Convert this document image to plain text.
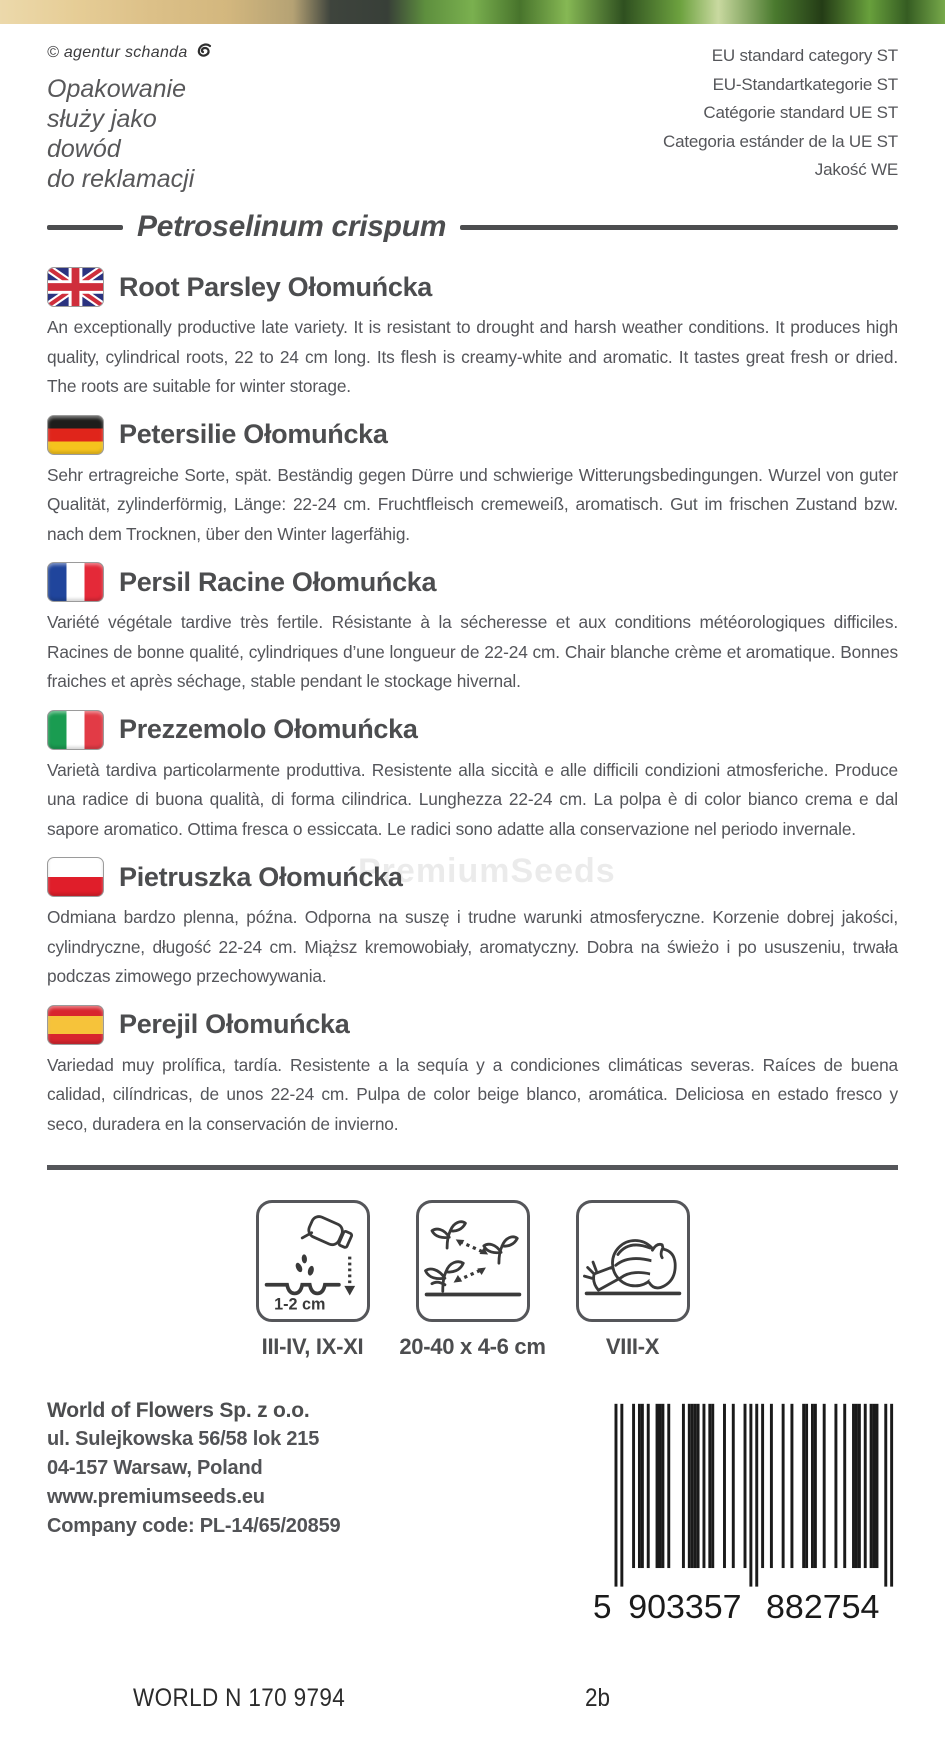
© agentur schanda
Opakowanie
służy jako
dowód
do reklamacji
EU standard category ST
EU-Standartkategorie ST
Catégorie standard UE ST
Categoria estánder de la UE ST
Jakość WE
Petroselinum crispum
Root Parsley Ołomuńcka

An exceptionally productive late variety. It is resistant to drought and harsh weather conditions. It produces high quality, cylindrical roots, 22 to 24 cm long. Its flesh is creamy-white and aromatic. It tastes great fresh or dried. The roots are suitable for winter storage.

Petersilie Ołomuńcka

Sehr ertragreiche Sorte, spät. Beständig gegen Dürre und schwierige Witterungsbedingungen. Wurzel von guter Qualität, zylinderförmig, Länge: 22-24 cm. Fruchtfleisch cremeweiß, aromatisch. Gut im frischen Zustand bzw. nach dem Trocknen, über den Winter lagerfähig.

Persil Racine Ołomuńcka

Variété végétale tardive très fertile. Résistante à la sécheresse et aux conditions météorologiques difficiles. Racines de bonne qualité, cylindriques d’une longueur de 22-24 cm. Chair blanche crème et aromatique. Bonnes fraiches et après séchage, stable pendant le stockage hivernal.

Prezzemolo Ołomuńcka

Varietà tardiva particolarmente produttiva. Resistente alla siccità e alle difficili condizioni atmosferiche. Produce una radice di buona qualità, di forma cilindrica. Lunghezza 22-24 cm. La polpa è di color bianco crema e dal sapore aromatico. Ottima fresca o essiccata. Le radici sono adatte alla conservazione nel periodo invernale.

Pietruszka Ołomuńcka

Odmiana bardzo plenna, późna. Odporna na suszę i trudne warunki atmosferyczne. Korzenie dobrej jakości, cylindryczne, długość 22-24 cm. Miąższ kremowobiały, aromatyczny. Dobra na świeżo i po ususzeniu, trwała podczas zimowego przechowywania.

Perejil Ołomuńcka

Variedad muy prolífica, tardía. Resistente a la sequía y a condiciones climáticas severas. Raíces de buena calidad, cilíndricas, de unos 22-24 cm. Pulpa de color beige blanco, aromática. Deliciosa en estado fresco y seco, duradera en la conservación de invierno.

1-2 cm
III-IV, IX-XI 20-40 x 4-6 cm	VIII-X
World of Flowers Sp. z o.o.
ul. Sulejkowska 56/58 lok 215
04-157 Warsaw, Poland
www.premiumseeds.eu
Company code: PL-14/65/20859
5 903357 882754
PremiumSeeds
WORLD N 170 9794	2b
